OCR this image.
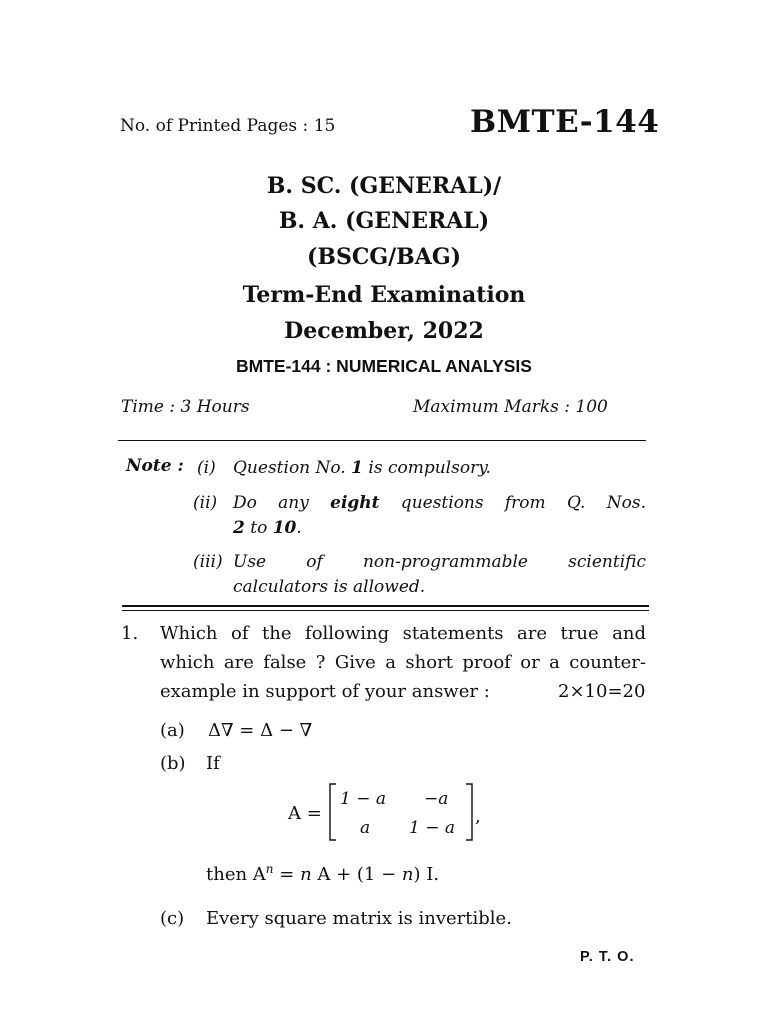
No. of Printed Pages : 15	BMTE-144
B. SC. (GENERAL)/
B. A. (GENERAL)
(BSCG/BAG)
Term-End Examination
December, 2022
BMTE-144 : NUMERICAL ANALYSIS
Time : 3 Hours	Maximum Marks : 100
Note : (i) Question No. 1 is compulsory.
(ii) Do any eight questions from Q. Nos.
2 to 10.
(iii) Use of non-programmable scientific
calculators is allowed.
1. Which of the following statements are true and
which are false ? Give a short proof or a counter-
example in support of your answer :	2×10=20
(a) Δ∇ = Δ − ∇
(b) If
A =
1 − a −a
a 1 − a
,
then $A^n = n$ A + (1 − n) I.
(c) Every square matrix is invertible.
P. T. O.
